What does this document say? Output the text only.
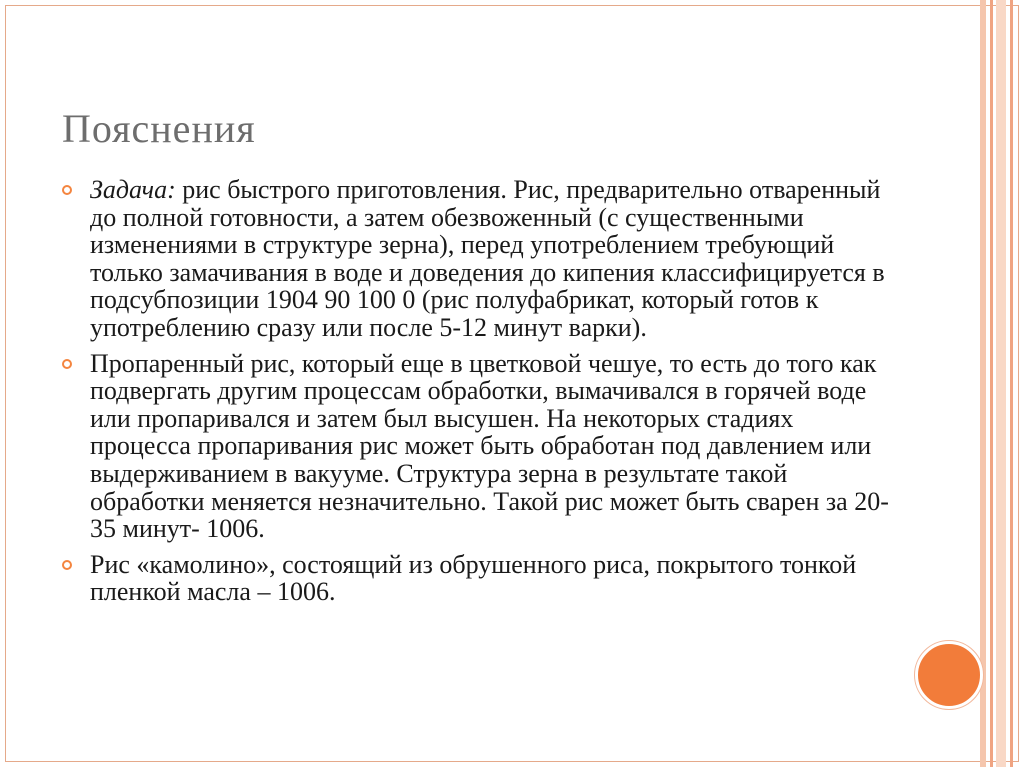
Пояснения
Задача: рис быстрого приготовления. Рис, предварительно отваренный до полной готовности, а затем обезвоженный (с существенными изменениями в структуре зерна), перед употреблением требующий только замачивания в воде и доведения до кипения классифицируется в подсубпозиции 1904 90 100 0 (рис полуфабрикат, который готов к употреблению сразу или после 5-12 минут варки).
Пропаренный рис, который еще в цветковой чешуе, то есть до того как подвергать другим процессам обработки, вымачивался в горячей воде или пропаривался и затем был высушен. На некоторых стадиях процесса пропаривания рис может быть обработан под давлением или выдерживанием в вакууме. Структура зерна в результате такой обработки меняется незначительно. Такой рис может быть сварен за 20-35 минут- 1006.
Рис «камолино», состоящий из обрушенного риса, покрытого тонкой пленкой масла – 1006.
